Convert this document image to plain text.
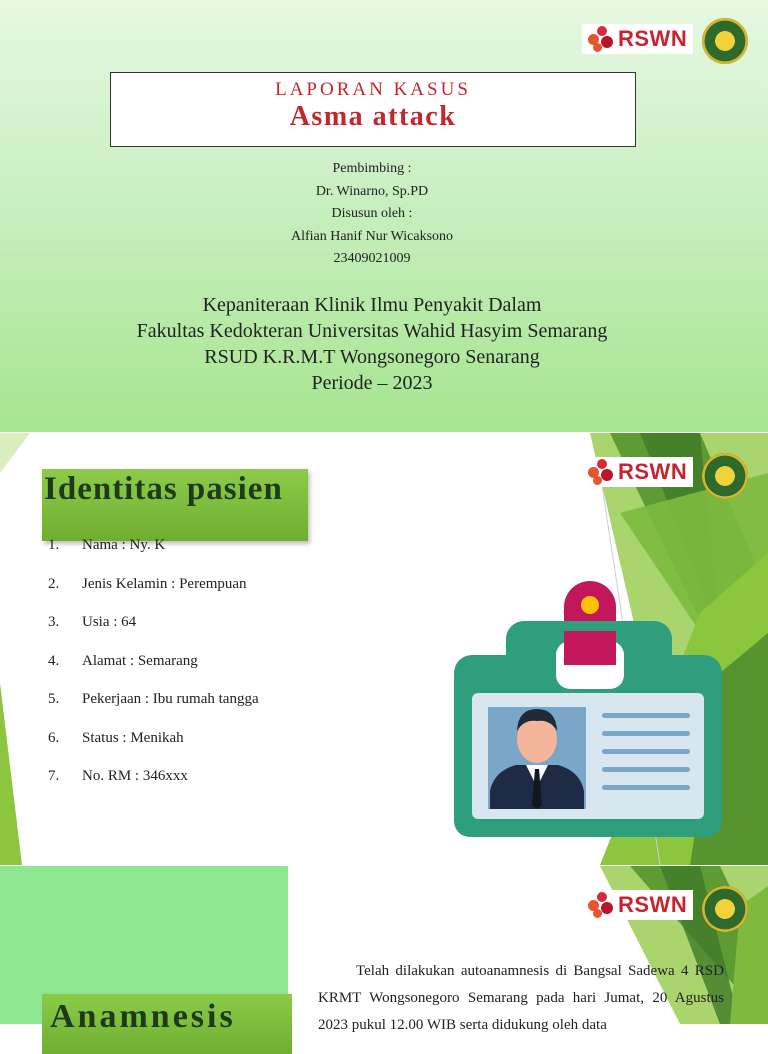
RSWN
LAPORAN KASUS
Asma attack
Pembimbing :
Dr. Winarno, Sp.PD
Disusun oleh :
Alfian Hanif Nur Wicaksono
23409021009
Kepaniteraan Klinik Ilmu Penyakit Dalam
Fakultas Kedokteran Universitas Wahid Hasyim Semarang
RSUD K.R.M.T Wongsonegoro Senarang
Periode – 2023
RSWN
Identitas pasien
1.	Nama : Ny. K
2.	Jenis Kelamin : Perempuan
3.	Usia : 64
4.	Alamat : Semarang
5.	Pekerjaan : Ibu rumah tangga
6.	Status : Menikah
7.	No. RM : 346xxx
RSWN
Anamnesis

Telah dilakukan autoanamnesis di Bangsal Sadewa 4 RSD KRMT Wongsonegoro Semarang pada hari Jumat, 20 Agustus 2023 pukul 12.00 WIB serta didukung oleh data
